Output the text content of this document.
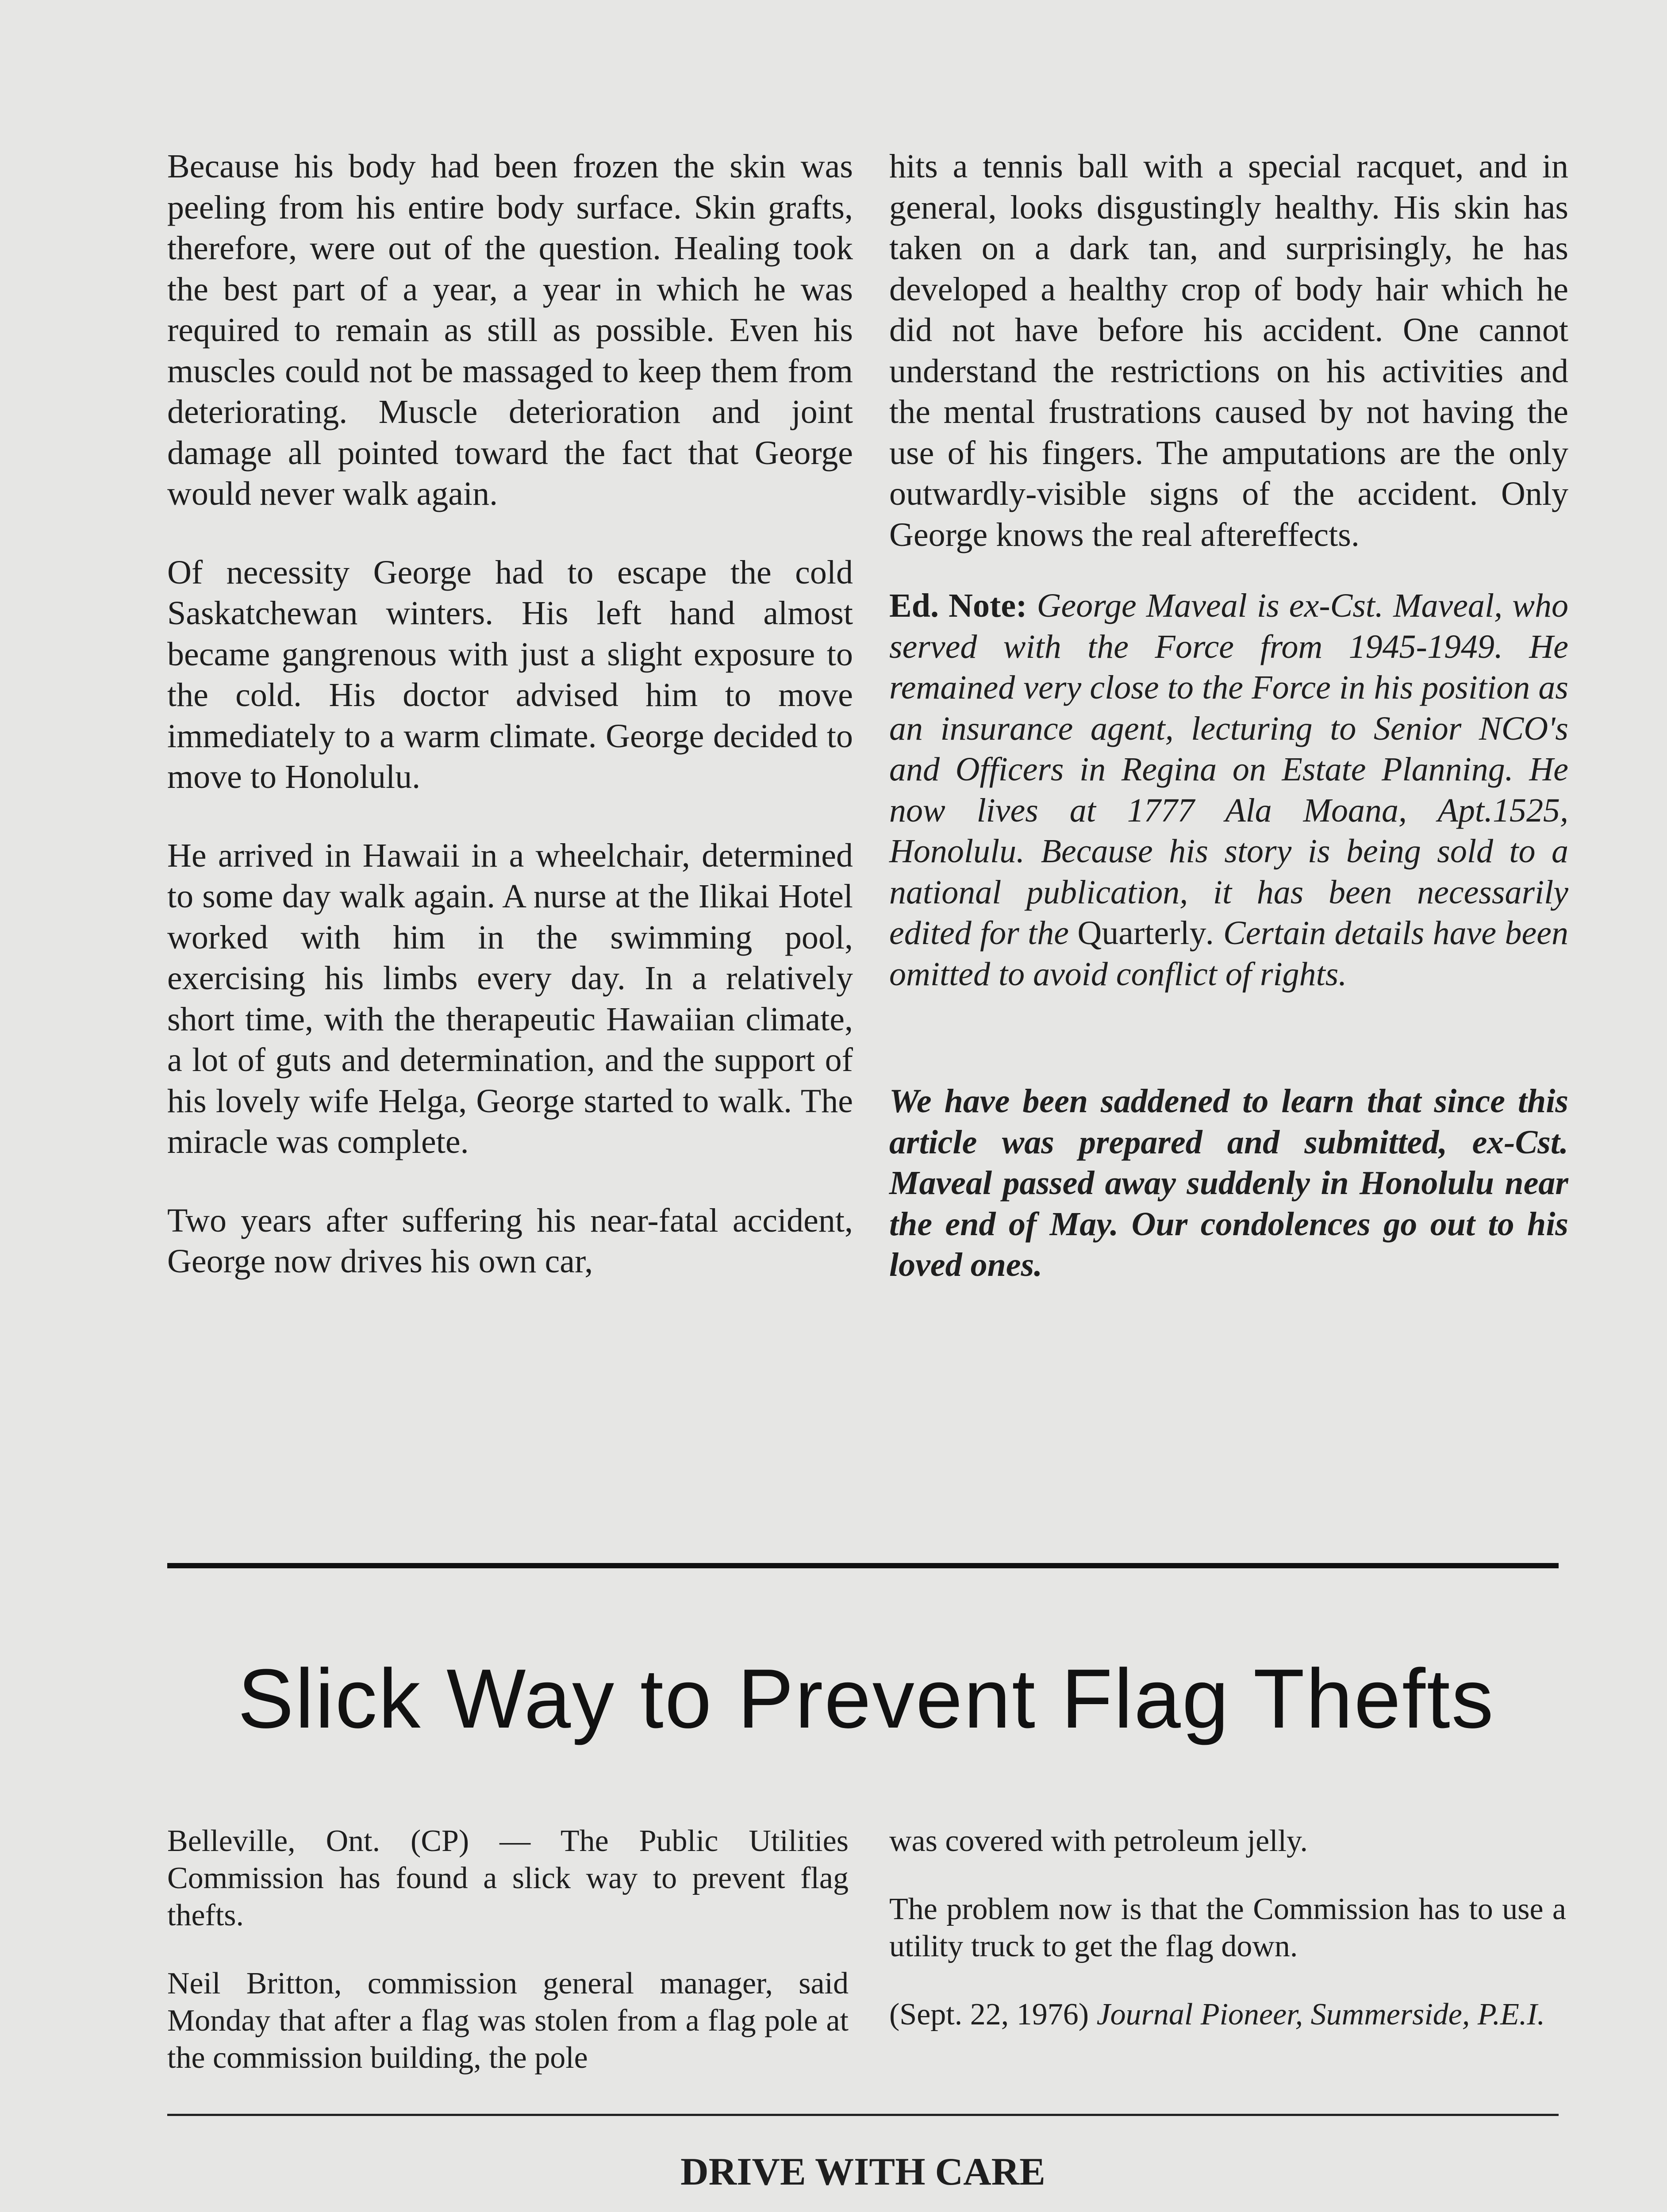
Because his body had been frozen the skin was peeling from his entire body surface. Skin grafts, therefore, were out of the question. Healing took the best part of a year, a year in which he was required to remain as still as possible. Even his muscles could not be massaged to keep them from deteriorating. Muscle deterioration and joint damage all pointed toward the fact that George would never walk again.

Of necessity George had to escape the cold Saskatchewan winters. His left hand almost became gangrenous with just a slight exposure to the cold. His doctor advised him to move immediately to a warm climate. George decided to move to Honolulu.

He arrived in Hawaii in a wheelchair, determined to some day walk again. A nurse at the Ilikai Hotel worked with him in the swimming pool, exercising his limbs every day. In a relatively short time, with the therapeutic Hawaiian climate, a lot of guts and determination, and the support of his lovely wife Helga, George started to walk. The miracle was complete.

Two years after suffering his near-fatal accident, George now drives his own car,

hits a tennis ball with a special racquet, and in general, looks disgustingly healthy. His skin has taken on a dark tan, and surprisingly, he has developed a healthy crop of body hair which he did not have before his accident. One cannot understand the restrictions on his activities and the mental frustrations caused by not having the use of his fingers. The amputations are the only outwardly-visible signs of the accident. Only George knows the real aftereffects.

Ed. Note: George Maveal is ex-Cst. Maveal, who served with the Force from 1945-1949. He remained very close to the Force in his position as an insurance agent, lecturing to Senior NCO's and Officers in Regina on Estate Planning. He now lives at 1777 Ala Moana, Apt.1525, Honolulu. Because his story is being sold to a national publication, it has been necessarily edited for the Quarterly. Certain details have been omitted to avoid conflict of rights.

We have been saddened to learn that since this article was prepared and submitted, ex-Cst. Maveal passed away suddenly in Honolulu near the end of May. Our condolences go out to his loved ones.

Slick Way to Prevent Flag Thefts

Belleville, Ont. (CP) — The Public Utilities Commission has found a slick way to prevent flag thefts.

Neil Britton, commission general manager, said Monday that after a flag was stolen from a flag pole at the commission building, the pole

was covered with petroleum jelly.

The problem now is that the Commission has to use a utility truck to get the flag down.

(Sept. 22, 1976) Journal Pioneer, Summerside, P.E.I.

DRIVE WITH CARE
